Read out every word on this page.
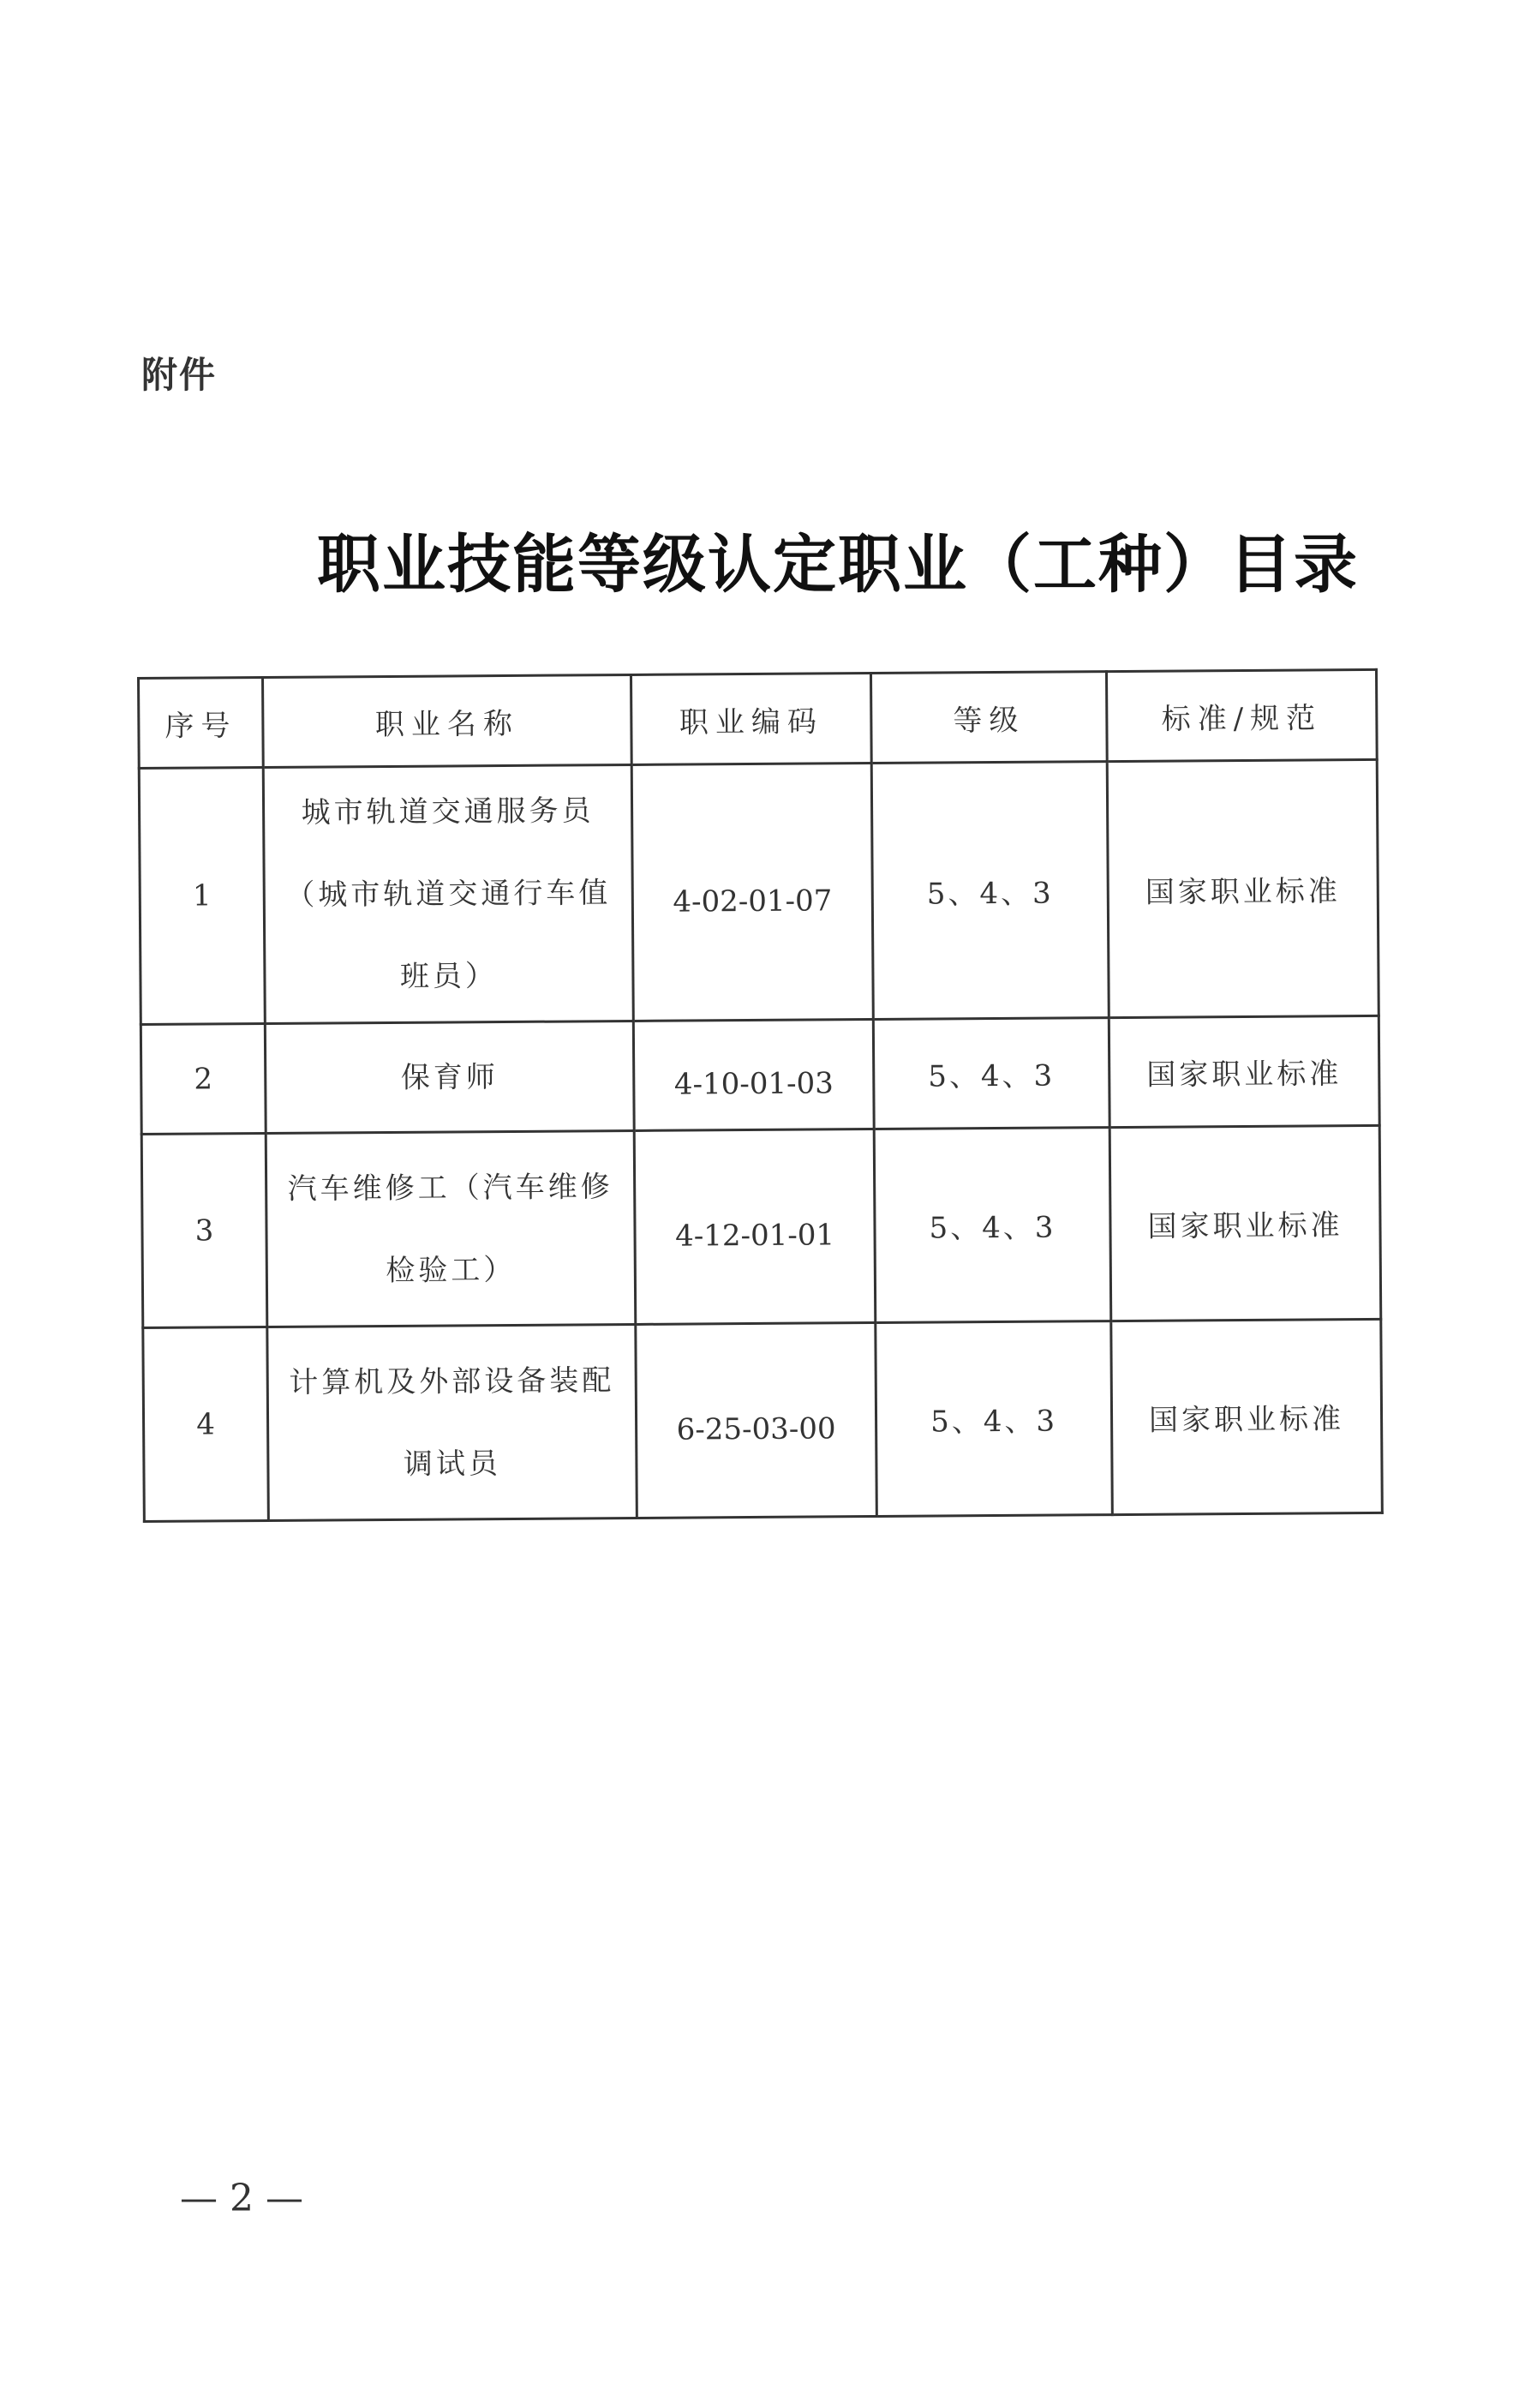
附件
职业技能等级认定职业（工种）目录
序号	职业名称	职业编码	等级	标准/规范
1	城市轨道交通服务员（城市轨道交通行车值班员）	4-02-01-07	5、4、3	国家职业标准
2	保育师	4-10-01-03	5、4、3	国家职业标准
3	汽车维修工（汽车维修检验工）	4-12-01-01	5、4、3	国家职业标准
4	计算机及外部设备装配调试员	6-25-03-00	5、4、3	国家职业标准
— 2 —
